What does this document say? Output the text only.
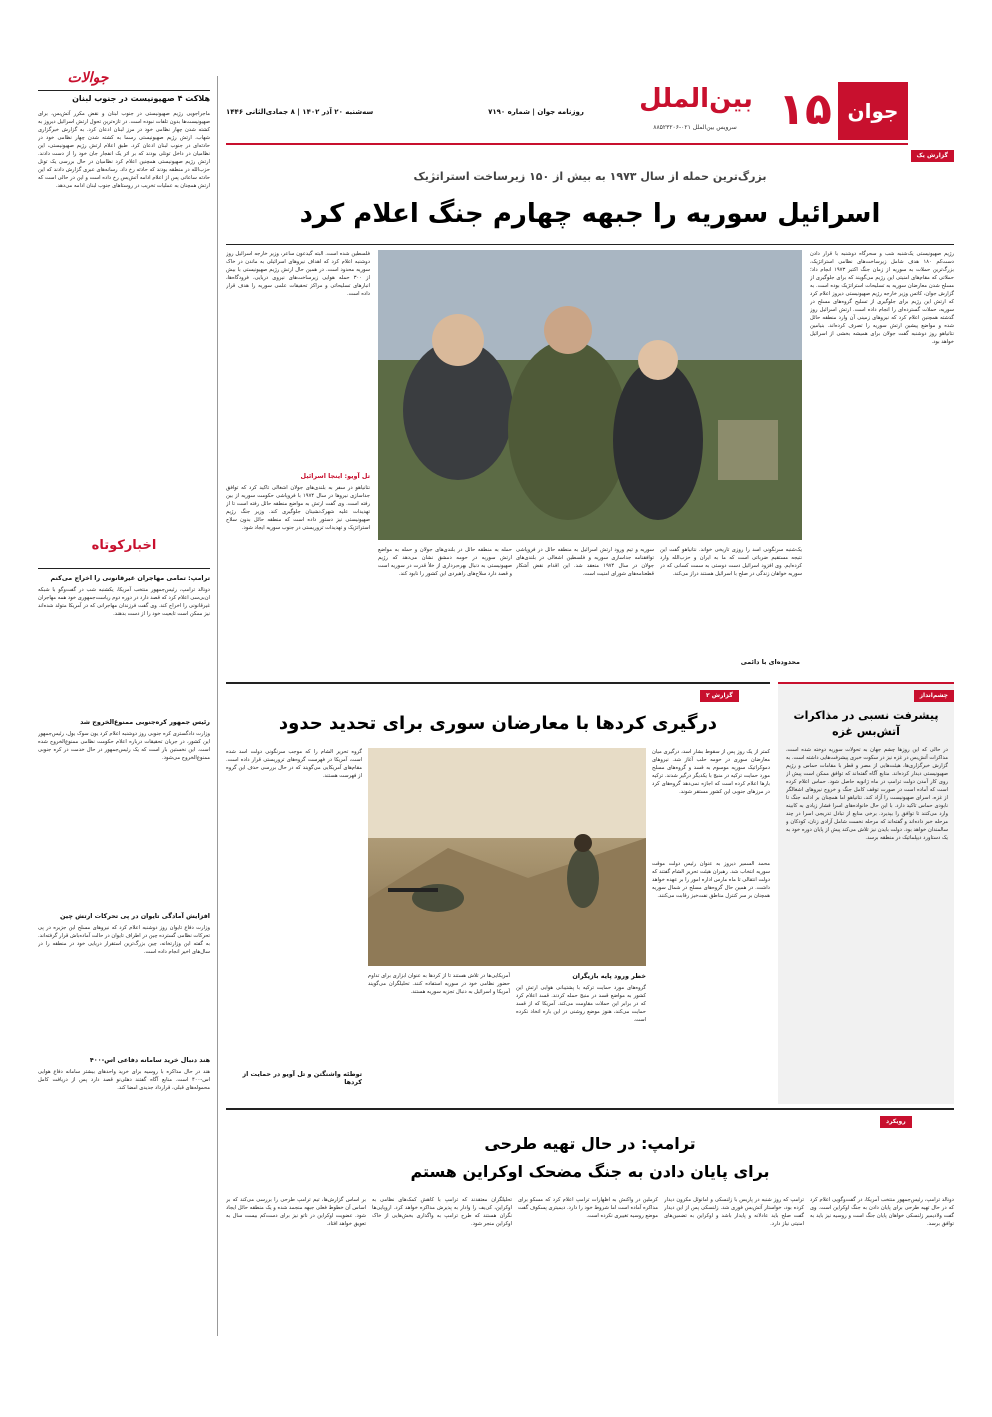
جوان
۱۵
بین‌الملل
سرویس بین‌الملل ۰۲۱-۸۸۵۲۳۲۰۶
سه‌شنبه ۲۰ آذر ۱۴۰۲ | ۸ جمادی‌الثانی ۱۴۴۶	روزنامه جوان | شماره ۷۱۹۰
جوالات
هلاکت ۴ صهیونیست در جنوب لبنان
ماجراجویی رژیم صهیونیستی در جنوب لبنان و نقض مکرر آتش‌بس، برای صهیونیست‌ها بدون تلفات نبوده است. در تازه‌ترین تحول ارتش اسرائیل دیروز به کشته شدن چهار نظامی خود در مرز لبنان اذعان کرد. به گزارش خبرگزاری شهاب، ارتش رژیم صهیونیستی رسما به کشته شدن چهار نظامی خود در حادثه‌ای در جنوب لبنان اذعان کرد. طبق اعلام ارتش رژیم صهیونیستی، این نظامیان در داخل تونلی بودند که بر اثر یک انفجار جان خود را از دست دادند. ارتش رژیم صهیونیستی همچنین اعلام کرد نظامیان در حال بررسی یک تونل حزب‌الله در منطقه بودند که حادثه رخ داد. رسانه‌های عبری گزارش دادند که این حادثه ساعاتی پس از اعلام ادامه آتش‌بس رخ داده است و این در حالی است که ارتش همچنان به عملیات تخریب در روستاهای جنوب لبنان ادامه می‌دهد.
اخبارکوتاه
ترامپ: تمامی مهاجران غیرقانونی را اخراج می‌کنم
دونالد ترامپ، رئیس‌جمهور منتخب آمریکا، یکشنبه شب در گفت‌وگو با شبکه ان‌بی‌سی اعلام کرد که قصد دارد در دوره دوم ریاست‌جمهوری خود همه مهاجران غیرقانونی را اخراج کند. وی گفت فرزندان مهاجرانی که در آمریکا متولد شده‌اند نیز ممکن است تابعیت خود را از دست بدهند.
رئیس جمهور کره‌جنوبی ممنوع‌الخروج شد
وزارت دادگستری کره جنوبی روز دوشنبه اعلام کرد یون سوک یول، رئیس‌جمهور این کشور، در جریان تحقیقات درباره اعلام حکومت نظامی ممنوع‌الخروج شده است. این نخستین بار است که یک رئیس‌جمهور در حال خدمت در کره جنوبی ممنوع‌الخروج می‌شود.
افزایش آمادگی تایوان در پی تحرکات ارتش چین
وزارت دفاع تایوان روز دوشنبه اعلام کرد که نیروهای مسلح این جزیره در پی تحرکات نظامی گسترده چین در اطراف تایوان در حالت آماده‌باش قرار گرفته‌اند. به گفته این وزارتخانه، چین بزرگ‌ترین استقرار دریایی خود در منطقه را در سال‌های اخیر انجام داده است.
هند دنبال خرید سامانه دفاعی اس-۴۰۰
هند در حال مذاکره با روسیه برای خرید واحدهای بیشتر سامانه دفاع هوایی اس-۴۰۰ است. منابع آگاه گفتند دهلی‌نو قصد دارد پس از دریافت کامل محموله‌های قبلی، قرارداد جدیدی امضا کند.
گزارش یک
بزرگ‌ترین حمله از سال ۱۹۷۳ به بیش از ۱۵۰ زیرساخت استراتژیک
اسرائیل سوریه را جبهه چهارم جنگ اعلام کرد
رژیم صهیونیستی یک‌شنبه شب و سحرگاه دوشنبه با قرار دادن دست‌کم ۱۸۰ هدف شامل زیرساخت‌های نظامی استراتژیک، بزرگ‌ترین حملات به سوریه از زمان جنگ اکتبر ۱۹۷۳ انجام داد؛ حملاتی که مقام‌های امنیتی این رژیم می‌گویند که برای جلوگیری از مسلح شدن معارضان سوریه به تسلیحات استراتژیک بوده است. به گزارش جوان، کاتس وزیر خارجه رژیم صهیونیستی دیروز اعلام کرد که ارتش این رژیم برای جلوگیری از تسلیح گروه‌های مسلح در سوریه، حملات گسترده‌ای را انجام داده است. ارتش اسرائیل روز گذشته همچنین اعلام کرد که نیروهای زمینی آن وارد منطقه حائل شده و مواضع پیشین ارتش سوریه را تصرف کرده‌اند. بنیامین نتانیاهو روز دوشنبه گفت جولان برای همیشه بخشی از اسرائیل خواهد بود.
فلسطین شده است. البته گیدعون ساعر، وزیر خارجه اسرائیل روز دوشنبه اعلام کرد که اهداف نیروهای اسرائیلی به ماندن در خاک سوریه محدود است. در همین حال ارتش رژیم صهیونیستی با بیش از ۳۰۰ حمله هوایی زیرساخت‌های نیروی دریایی، فرودگاه‌ها، انبارهای تسلیحاتی و مراکز تحقیقات علمی سوریه را هدف قرار داده است.
تل آویو: اینجا اسرائیل
نتانیاهو در سفر به بلندی‌های جولان اشغالی تاکید کرد که توافق جداسازی نیروها در سال ۱۹۷۴ با فروپاشی حکومت سوریه از بین رفته است. وی گفت ارتش به مواضع منطقه حائل رفته است تا از تهدیدات علیه شهرک‌نشینان جلوگیری کند. وزیر جنگ رژیم صهیونیستی نیز دستور داده است که منطقه حائل بدون سلاح استراتژیک و تهدیدات تروریستی در جنوب سوریه ایجاد شود.
محدوده‌ای با دائمی
یک‌شنبه سرنگونی اسد را روزی تاریخی خواند. نتانیاهو گفت این نتیجه مستقیم ضرباتی است که ما به ایران و حزب‌الله وارد کرده‌ایم. وی افزود اسرائیل دست دوستی به سمت کسانی که در سوریه خواهان زندگی در صلح با اسرائیل هستند دراز می‌کند.
سوریه و تیم ورود ارتش اسرائیل به منطقه حائل در فروپاشی توافقنامه جداسازی سوریه و فلسطین اشغالی در بلندی‌های جولان در سال ۱۹۷۴ منعقد شد. این اقدام نقض آشکار قطعنامه‌های شورای امنیت است.
حمله به منطقه حائل در بلندی‌های جولان و حمله به مواضع ارتش سوریه در حومه دمشق نشان می‌دهد که رژیم صهیونیستی به دنبال بهره‌برداری از خلأ قدرت در سوریه است و قصد دارد سلاح‌های راهبردی این کشور را نابود کند.
گزارش ۲
درگیری کردها با معارضان سوری برای تحدید حدود
کمتر از یک روز پس از سقوط بشار اسد، درگیری میان معارضان سوری در حومه حلب آغاز شد. نیروهای دموکراتیک سوریه موسوم به قسد و گروه‌های مسلح مورد حمایت ترکیه در منبج با یکدیگر درگیر شدند. ترکیه بارها اعلام کرده است که اجازه نمی‌دهد گروه‌های کرد در مرزهای جنوبی این کشور مستقر شوند.
محمد السمیر دیروز به عنوان رئیس دولت موقت سوریه انتخاب شد. رهبران هیئت تحریر الشام گفتند که دولت انتقالی تا ماه مارس اداره امور را بر عهده خواهد داشت. در همین حال گروه‌های مسلح در شمال سوریه همچنان بر سر کنترل مناطق نفت‌خیز رقابت می‌کنند.
گروه تحریر الشام را که موجب سرنگونی دولت اسد شده است، آمریکا در فهرست گروه‌های تروریستی قرار داده است. مقام‌های آمریکایی می‌گویند که در حال بررسی حذف این گروه از فهرست هستند.
خطر ورود پایه بازیگران
گروه‌های مورد حمایت ترکیه با پشتیبانی هوایی ارتش این کشور به مواضع قسد در منبج حمله کردند. قسد اعلام کرد که در برابر این حملات مقاومت می‌کند. آمریکا که از قسد حمایت می‌کند، هنوز موضع روشنی در این باره اتخاذ نکرده است.
آمریکایی‌ها در تلاش هستند تا از کردها به عنوان ابزاری برای تداوم حضور نظامی خود در سوریه استفاده کنند. تحلیلگران می‌گویند آمریکا و اسرائیل به دنبال تجزیه سوریه هستند.
توطئه واشنگتن و تل آویو در حمایت از کردها
چشم‌انداز
پیشرفت نسبی در مذاکرات آتش‌بس غزه
در حالی که این روزها چشم جهان به تحولات سوریه دوخته شده است، مذاکرات آتش‌بس در غزه نیز در سکوت خبری پیشرفت‌هایی داشته است. به گزارش خبرگزاری‌ها، هیئت‌هایی از مصر و قطر با مقامات حماس و رژیم صهیونیستی دیدار کرده‌اند. منابع آگاه گفته‌اند که توافق ممکن است پیش از روی کار آمدن دولت ترامپ در ماه ژانویه حاصل شود. حماس اعلام کرده است که آماده است در صورت توقف کامل جنگ و خروج نیروهای اشغالگر از غزه، اسرای صهیونیست را آزاد کند. نتانیاهو اما همچنان بر ادامه جنگ تا نابودی حماس تاکید دارد. با این حال خانواده‌های اسرا فشار زیادی به کابینه وارد می‌کنند تا توافق را بپذیرد. برخی منابع از تبادل تدریجی اسرا در چند مرحله خبر داده‌اند و گفته‌اند که مرحله نخست شامل آزادی زنان، کودکان و سالمندان خواهد بود. دولت بایدن نیز تلاش می‌کند پیش از پایان دوره خود به یک دستاورد دیپلماتیک در منطقه برسد.
رویکرد
ترامپ: در حال تهیه طرحی
برای پایان دادن به جنگ مضحک اوکراین هستم
دونالد ترامپ، رئیس‌جمهور منتخب آمریکا، در گفت‌وگویی اعلام کرد که در حال تهیه طرحی برای پایان دادن به جنگ اوکراین است. وی گفت ولادیمیر زلنسکی خواهان پایان جنگ است و روسیه نیز باید به توافق برسد.
ترامپ که روز شنبه در پاریس با زلنسکی و امانوئل مکرون دیدار کرده بود، خواستار آتش‌بس فوری شد. زلنسکی پس از این دیدار گفت صلح باید عادلانه و پایدار باشد و اوکراین به تضمین‌های امنیتی نیاز دارد.
کرملین در واکنش به اظهارات ترامپ اعلام کرد که مسکو برای مذاکره آماده است اما شروط خود را دارد. دیمیتری پسکوف گفت موضع روسیه تغییری نکرده است.
تحلیلگران معتقدند که ترامپ با کاهش کمک‌های نظامی به اوکراین، کی‌یف را وادار به پذیرش مذاکره خواهد کرد. اروپایی‌ها نگران هستند که طرح ترامپ به واگذاری بخش‌هایی از خاک اوکراین منجر شود.
بر اساس گزارش‌ها، تیم ترامپ طرحی را بررسی می‌کند که بر اساس آن خطوط فعلی جبهه منجمد شده و یک منطقه حائل ایجاد شود. عضویت اوکراین در ناتو نیز برای دست‌کم بیست سال به تعویق خواهد افتاد.
